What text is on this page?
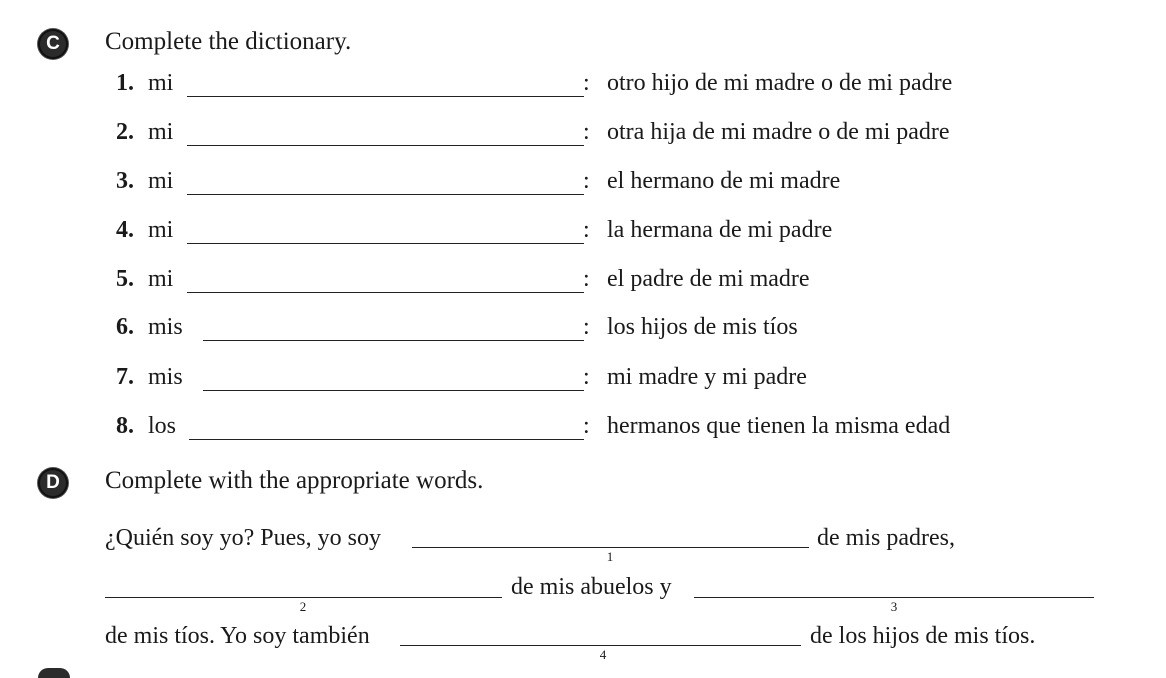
C	Complete the dictionary.
1. mi	: otro hijo de mi madre o de mi padre
2. mi	: otra hija de mi madre o de mi padre
3. mi	: el hermano de mi madre
4. mi	: la hermana de mi padre
5. mi	: el padre de mi madre
6. mis	: los hijos de mis tíos
7. mis	: mi madre y mi padre
8. los	: hermanos que tienen la misma edad
D	Complete with the appropriate words.
¿Quién soy yo? Pues, yo soy
1
de mis padres,
2
de mis abuelos y
3
de mis tíos. Yo soy también
4
de los hijos de mis tíos.
